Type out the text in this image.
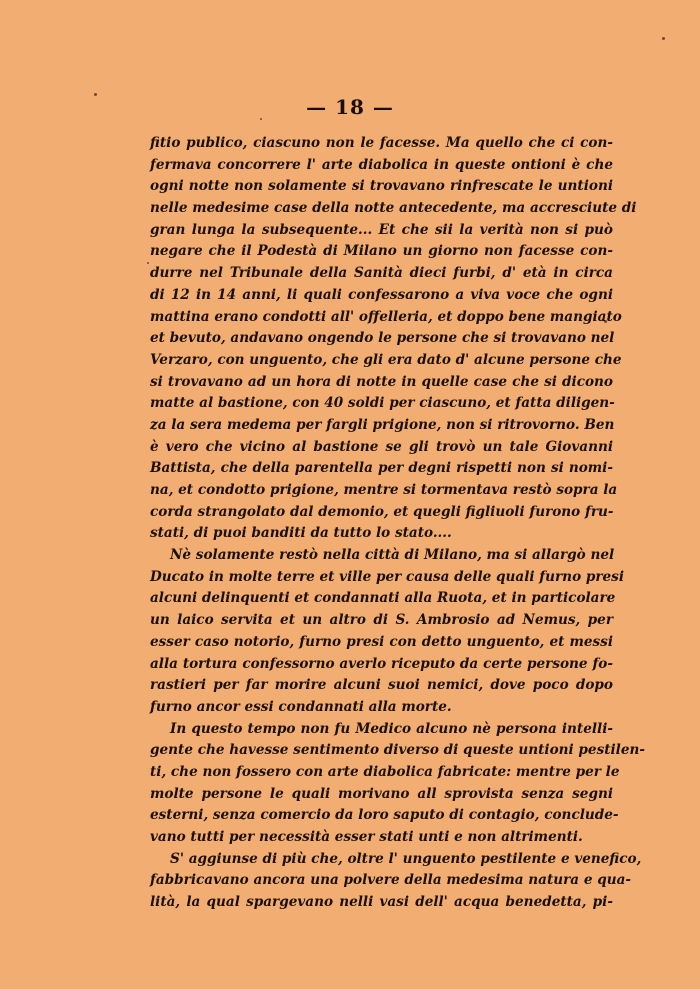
— 18 —
fitio publico, ciascuno non le facesse. Ma quello che ci con-
fermava concorrere l' arte diabolica in queste ontioni è che
ogni notte non solamente si trovavano rinfrescate le untioni
nelle medesime case della notte antecedente, ma accresciute di
gran lunga la subsequente... Et che sii la verità non si può
negare che il Podestà di Milano un giorno non facesse con-
durre nel Tribunale della Sanità dieci furbi, d' età in circa
di 12 in 14 anni, li quali confessarono a viva voce che ogni
mattina erano condotti all' offelleria, et doppo bene mangiato
et bevuto, andavano ongendo le persone che si trovavano nel
Verzaro, con unguento, che gli era dato d' alcune persone che
si trovavano ad un hora di notte in quelle case che si dicono
matte al bastione, con 40 soldi per ciascuno, et fatta diligen-
za la sera medema per fargli prigione, non si ritrovorno. Ben
è vero che vicino al bastione se gli trovò un tale Giovanni
Battista, che della parentella per degni rispetti non si nomi-
na, et condotto prigione, mentre si tormentava restò sopra la
corda strangolato dal demonio, et quegli figliuoli furono fru-
stati, di puoi banditi da tutto lo stato....
Nè solamente restò nella città di Milano, ma si allargò nel
Ducato in molte terre et ville per causa delle quali furno presi
alcuni delinquenti et condannati alla Ruota, et in particolare
un laico servita et un altro di S. Ambrosio ad Nemus, per
esser caso notorio, furno presi con detto unguento, et messi
alla tortura confessorno averlo riceputo da certe persone fo-
rastieri per far morire alcuni suoi nemici, dove poco dopo
furno ancor essi condannati alla morte.
In questo tempo non fu Medico alcuno nè persona intelli-
gente che havesse sentimento diverso di queste untioni pestilen-
ti, che non fossero con arte diabolica fabricate: mentre per le
molte persone le quali morivano all sprovista senza segni
esterni, senza comercio da loro saputo di contagio, conclude-
vano tutti per necessità esser stati unti e non altrimenti.
S' aggiunse di più che, oltre l' unguento pestilente e venefico,
fabbricavano ancora una polvere della medesima natura e qua-
lità, la qual spargevano nelli vasi dell' acqua benedetta, pi-
